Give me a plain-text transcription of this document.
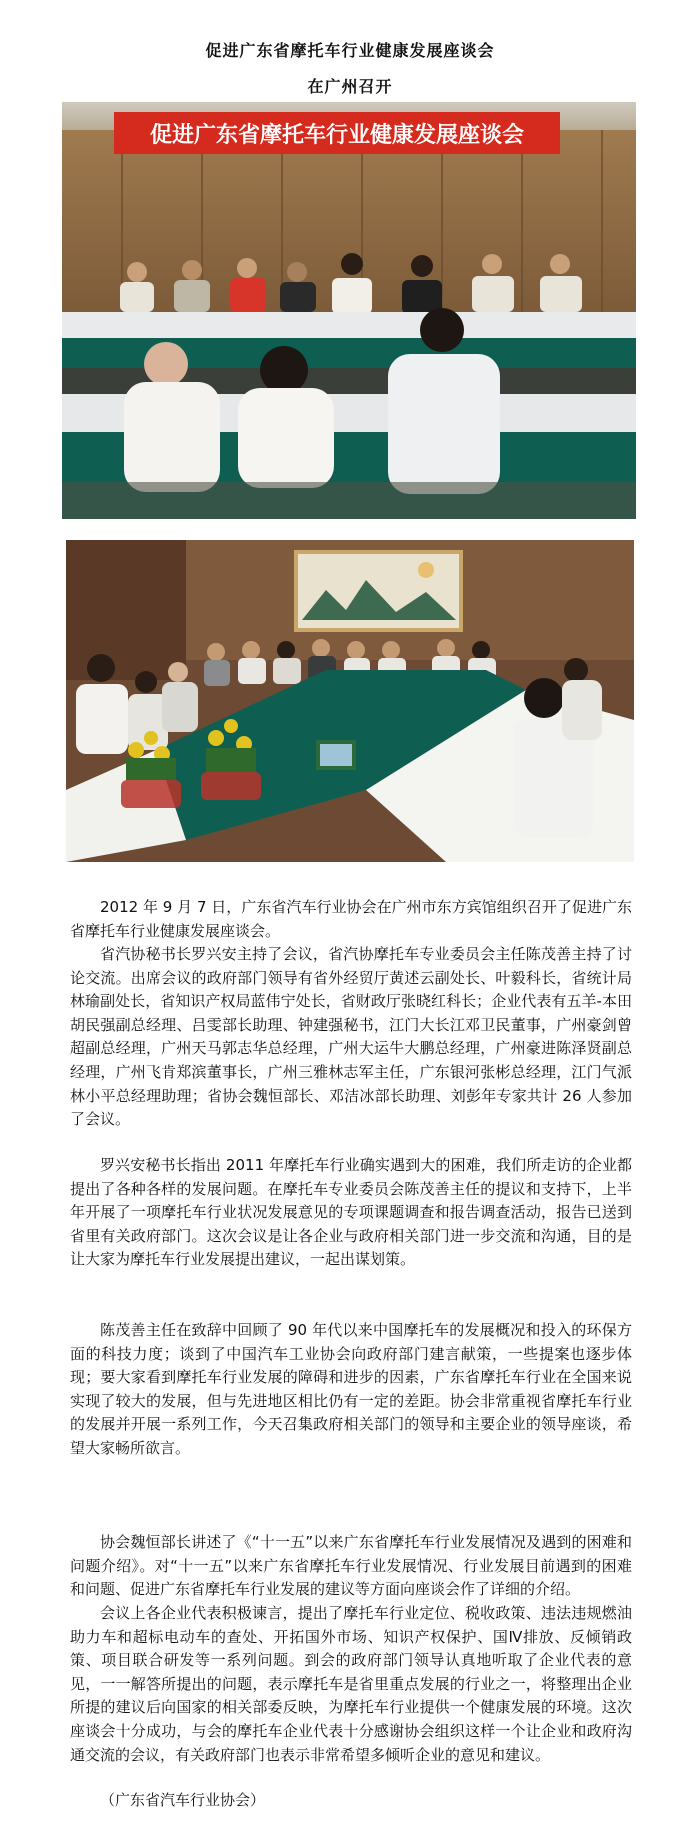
促进广东省摩托车行业健康发展座谈会
在广州召开
促进广东省摩托车行业健康发展座谈会

2012 年 9 月 7 日，广东省汽车行业协会在广州市东方宾馆组织召开了促进广东省摩托车行业健康发展座谈会。

省汽协秘书长罗兴安主持了会议，省汽协摩托车专业委员会主任陈茂善主持了讨论交流。出席会议的政府部门领导有省外经贸厅黄述云副处长、叶毅科长，省统计局林瑜副处长，省知识产权局蓝伟宁处长，省财政厅张晓红科长；企业代表有五羊-本田胡民强副总经理、吕雯部长助理、钟建强秘书，江门大长江邓卫民董事，广州豪剑曾超副总经理，广州天马郭志华总经理，广州大运牛大鹏总经理，广州豪进陈泽贤副总经理，广州飞肯郑滨董事长，广州三雅林志军主任，广东银河张彬总经理，江门气派林小平总经理助理；省协会魏恒部长、邓洁冰部长助理、刘彭年专家共计 26 人参加了会议。

罗兴安秘书长指出 2011 年摩托车行业确实遇到大的困难，我们所走访的企业都提出了各种各样的发展问题。在摩托车专业委员会陈茂善主任的提议和支持下，上半年开展了一项摩托车行业状况发展意见的专项课题调查和报告调查活动，报告已送到省里有关政府部门。这次会议是让各企业与政府相关部门进一步交流和沟通，目的是让大家为摩托车行业发展提出建议，一起出谋划策。

陈茂善主任在致辞中回顾了 90 年代以来中国摩托车的发展概况和投入的环保方面的科技力度；谈到了中国汽车工业协会向政府部门建言献策，一些提案也逐步体现；要大家看到摩托车行业发展的障碍和进步的因素，广东省摩托车行业在全国来说实现了较大的发展，但与先进地区相比仍有一定的差距。协会非常重视省摩托车行业的发展并开展一系列工作，今天召集政府相关部门的领导和主要企业的领导座谈，希望大家畅所欲言。

协会魏恒部长讲述了《“十一五”以来广东省摩托车行业发展情况及遇到的困难和问题介绍》。对“十一五”以来广东省摩托车行业发展情况、行业发展目前遇到的困难和问题、促进广东省摩托车行业发展的建议等方面向座谈会作了详细的介绍。

会议上各企业代表积极谏言，提出了摩托车行业定位、税收政策、违法违规燃油助力车和超标电动车的查处、开拓国外市场、知识产权保护、国Ⅳ排放、反倾销政策、项目联合研发等一系列问题。到会的政府部门领导认真地听取了企业代表的意见，一一解答所提出的问题，表示摩托车是省里重点发展的行业之一，将整理出企业所提的建议后向国家的相关部委反映，为摩托车行业提供一个健康发展的环境。这次座谈会十分成功，与会的摩托车企业代表十分感谢协会组织这样一个让企业和政府沟通交流的会议，有关政府部门也表示非常希望多倾听企业的意见和建议。

（广东省汽车行业协会）
